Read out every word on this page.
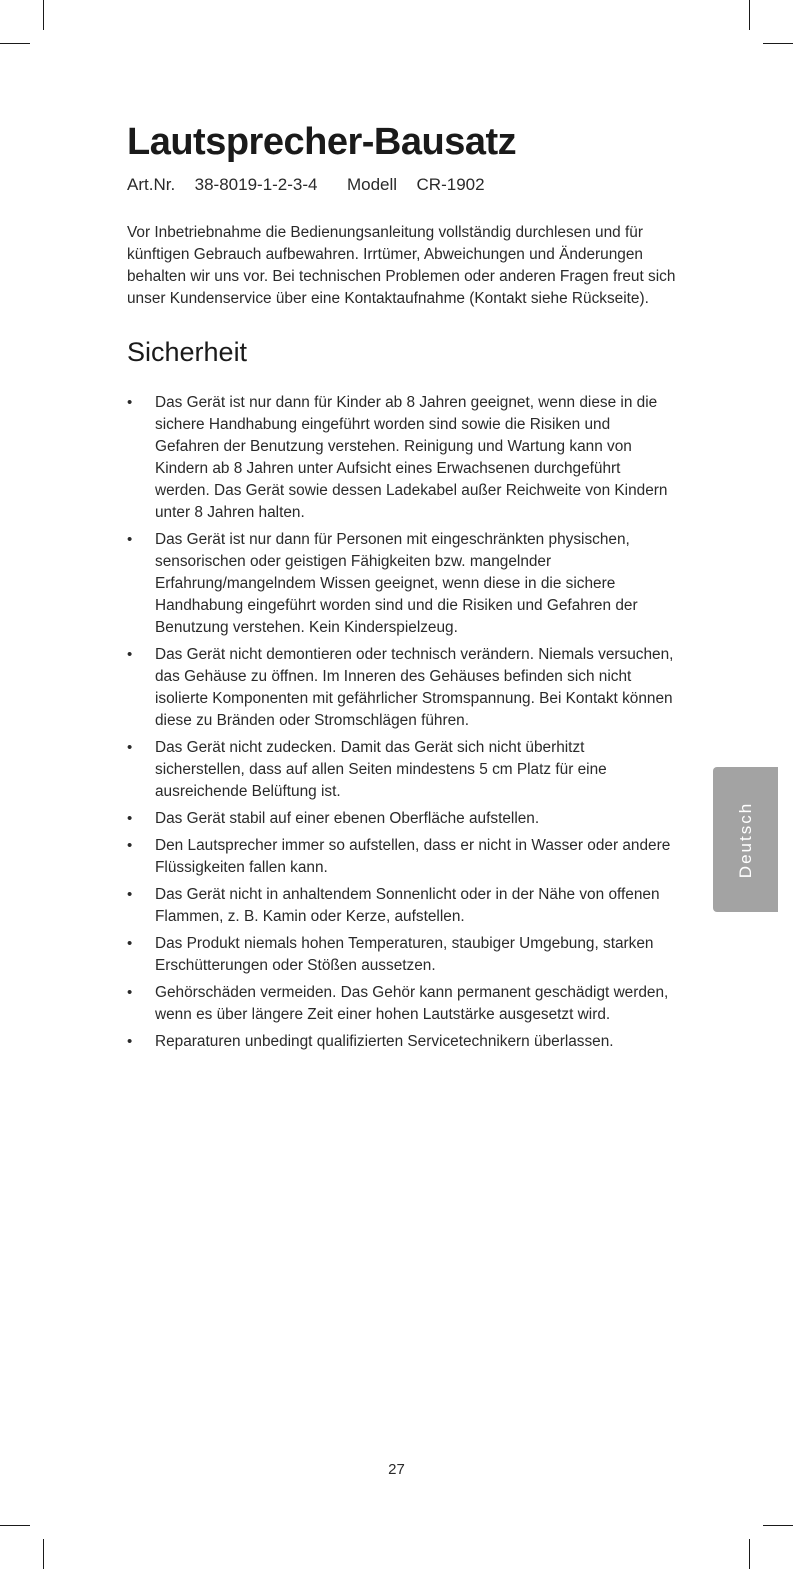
Lautsprecher-Bausatz
Art.Nr. 38-8019-1-2-3-4 Modell CR-1902

Vor Inbetriebnahme die Bedienungsanleitung vollständig durchlesen und für künftigen Gebrauch aufbewahren. Irrtümer, Abweichungen und Änderungen behalten wir uns vor. Bei technischen Problemen oder anderen Fragen freut sich unser Kundenservice über eine Kontaktaufnahme (Kontakt siehe Rückseite).

Sicherheit
• Das Gerät ist nur dann für Kinder ab 8 Jahren geeignet, wenn diese in die sichere Handhabung eingeführt worden sind sowie die Risiken und Gefahren der Benutzung verstehen. Reinigung und Wartung kann von Kindern ab 8 Jahren unter Aufsicht eines Erwachsenen durchgeführt werden. Das Gerät sowie dessen Ladekabel außer Reichweite von Kindern unter 8 Jahren halten.
• Das Gerät ist nur dann für Personen mit eingeschränkten physischen, sensorischen oder geistigen Fähigkeiten bzw. mangelnder Erfahrung/mangelndem Wissen geeignet, wenn diese in die sichere Handhabung eingeführt worden sind und die Risiken und Gefahren der Benutzung verstehen. Kein Kinderspielzeug.
• Das Gerät nicht demontieren oder technisch verändern. Niemals versuchen, das Gehäuse zu öffnen. Im Inneren des Gehäuses befinden sich nicht isolierte Komponenten mit gefährlicher Stromspannung. Bei Kontakt können diese zu Bränden oder Stromschlägen führen.
• Das Gerät nicht zudecken. Damit das Gerät sich nicht überhitzt sicherstellen, dass auf allen Seiten mindestens 5 cm Platz für eine ausreichende Belüftung ist.
• Das Gerät stabil auf einer ebenen Oberfläche aufstellen.
• Den Lautsprecher immer so aufstellen, dass er nicht in Wasser oder andere Flüssigkeiten fallen kann.
• Das Gerät nicht in anhaltendem Sonnenlicht oder in der Nähe von offenen Flammen, z. B. Kamin oder Kerze, aufstellen.
• Das Produkt niemals hohen Temperaturen, staubiger Umgebung, starken Erschütterungen oder Stößen aussetzen.
• Gehörschäden vermeiden. Das Gehör kann permanent geschädigt werden, wenn es über längere Zeit einer hohen Lautstärke ausgesetzt wird.
• Reparaturen unbedingt qualifizierten Servicetechnikern überlassen.
Deutsch
27
